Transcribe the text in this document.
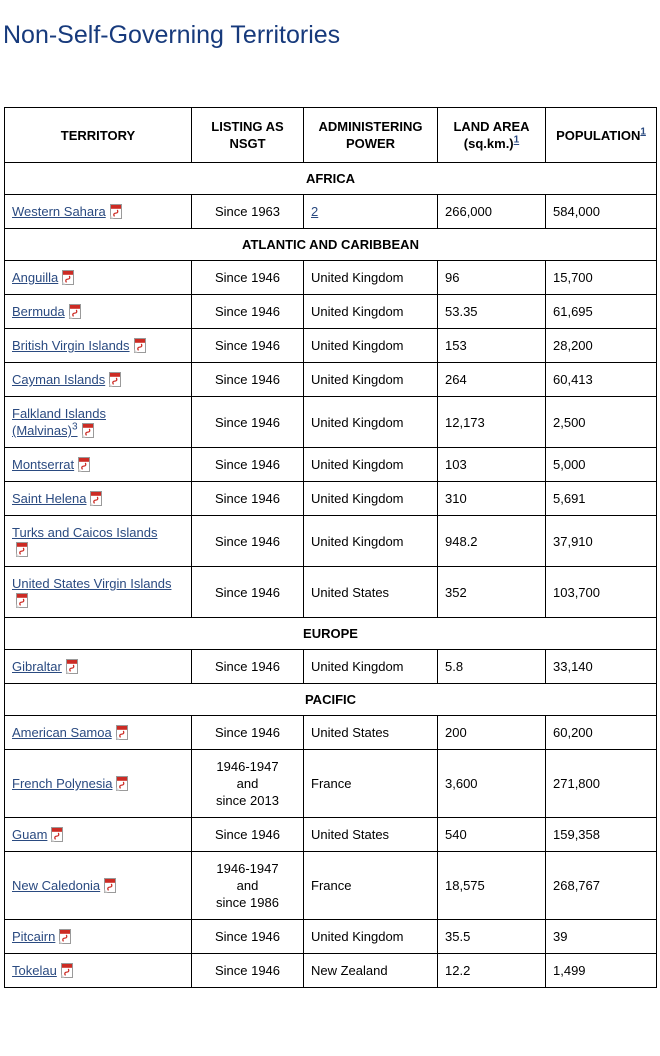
Non-Self-Governing Territories
TERRITORY	LISTING AS NSGT	ADMINISTERING POWER	LAND AREA $(sq.km.)^1$	POPULATION$^1$
AFRICA				
Western Sahara	Since 1963	2	266,000	584,000
ATLANTIC AND CARIBBEAN				
Anguilla	Since 1946	United Kingdom	96	15,700
Bermuda	Since 1946	United Kingdom	53.35	61,695
British Virgin Islands	Since 1946	United Kingdom	153	28,200
Cayman Islands	Since 1946	United Kingdom	264	60,413
Falkland Islands (Malvinas)$^3$	Since 1946	United Kingdom	12,173	2,500
Montserrat	Since 1946	United Kingdom	103	5,000
Saint Helena	Since 1946	United Kingdom	310	5,691
Turks and Caicos Islands	Since 1946	United Kingdom	948.2	37,910
United States Virgin Islands	Since 1946	United States	352	103,700
EUROPE				
Gibraltar	Since 1946	United Kingdom	5.8	33,140
PACIFIC				
American Samoa	Since 1946	United States	200	60,200
French Polynesia	1946-1947
and
since 2013	France	3,600	271,800
Guam	Since 1946	United States	540	159,358
New Caledonia	1946-1947
and
since 1986	France	18,575	268,767
Pitcairn	Since 1946	United Kingdom	35.5	39
Tokelau	Since 1946	New Zealand	12.2	1,499
